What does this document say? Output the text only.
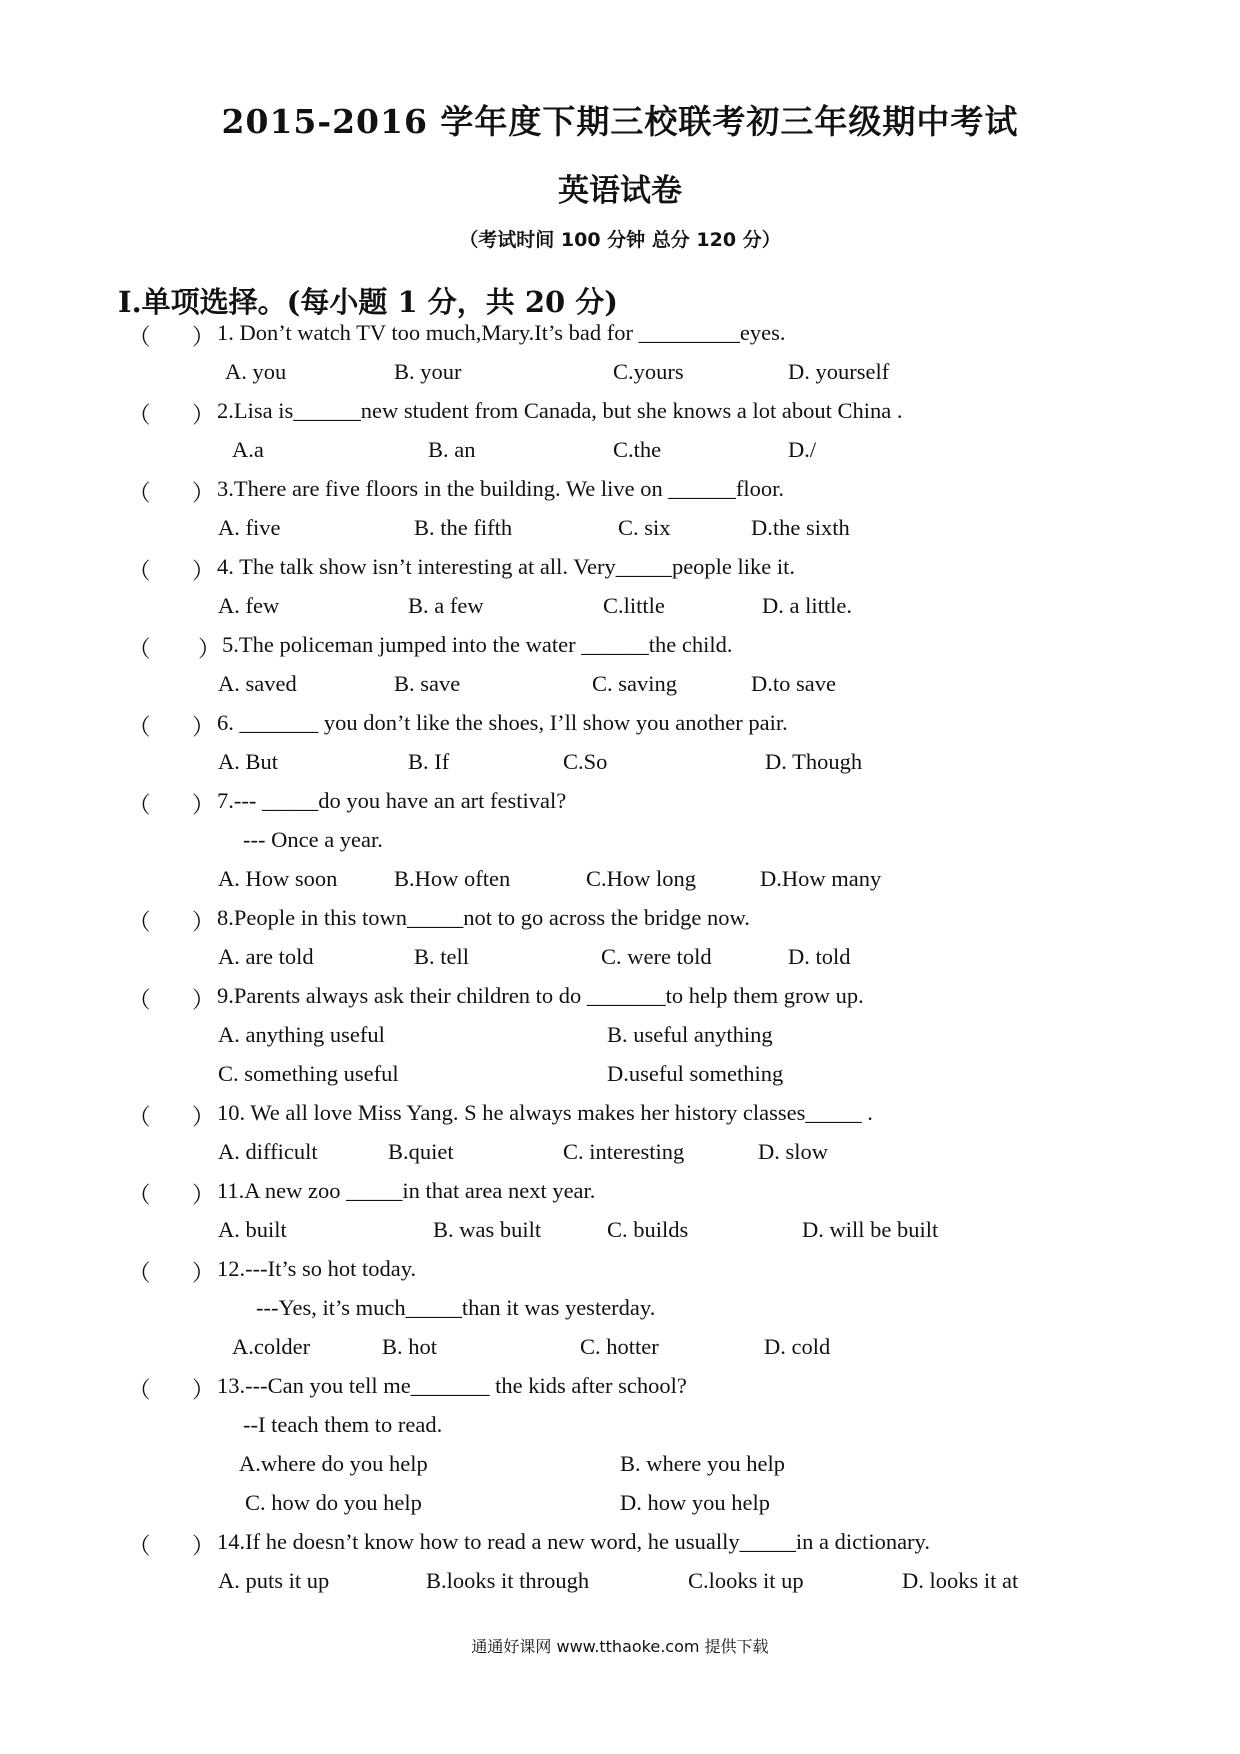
2015-2016 学年度下期三校联考初三年级期中考试
英语试卷
（考试时间 100 分钟 总分 120 分）
I.单项选择。(每小题 1 分，共 20 分)
（ ） 1. Don’t watch TV too much,Mary.It’s bad for _________eyes.
A. you	B. your	C.yours	D. yourself
（ ） 2.Lisa is______new student from Canada, but she knows a lot about China .
A.a	B. an	C.the	D./
（ ） 3.There are five floors in the building. We live on ______floor.
A. five	B. the fifth	C. six	D.the sixth
（ ） 4. The talk show isn’t interesting at all. Very_____people like it.
A. few	B. a few	C.little	D. a little.
（ ） 5.The policeman jumped into the water ______the child.
A. saved	B. save	C. saving	D.to save
（ ） 6. _______ you don’t like the shoes, I’ll show you another pair.
A. But	B. If	C.So	D. Though
（ ） 7.--- _____do you have an art festival?
--- Once a year.
A. How soon	B.How often	C.How long	D.How many
（ ） 8.People in this town_____not to go across the bridge now.
A. are told	B. tell	C. were told	D. told
（ ） 9.Parents always ask their children to do _______to help them grow up.
A. anything useful	B. useful anything
C. something useful	D.useful something
（ ） 10. We all love Miss Yang. S he always makes her history classes_____ .
A. difficult	B.quiet	C. interesting	D. slow
（ ） 11.A new zoo _____in that area next year.
A. built	B. was built	C. builds	D. will be built
（ ） 12.---It’s so hot today.
---Yes, it’s much_____than it was yesterday.
A.colder	B. hot	C. hotter	D. cold
（ ） 13.---Can you tell me_______ the kids after school?
--I teach them to read.
A.where do you help	B. where you help
C. how do you help	D. how you help
（ ） 14.If he doesn’t know how to read a new word, he usually_____in a dictionary.
A. puts it up	B.looks it through	C.looks it up	D. looks it at
通通好课网 www.tthaoke.com 提供下载
